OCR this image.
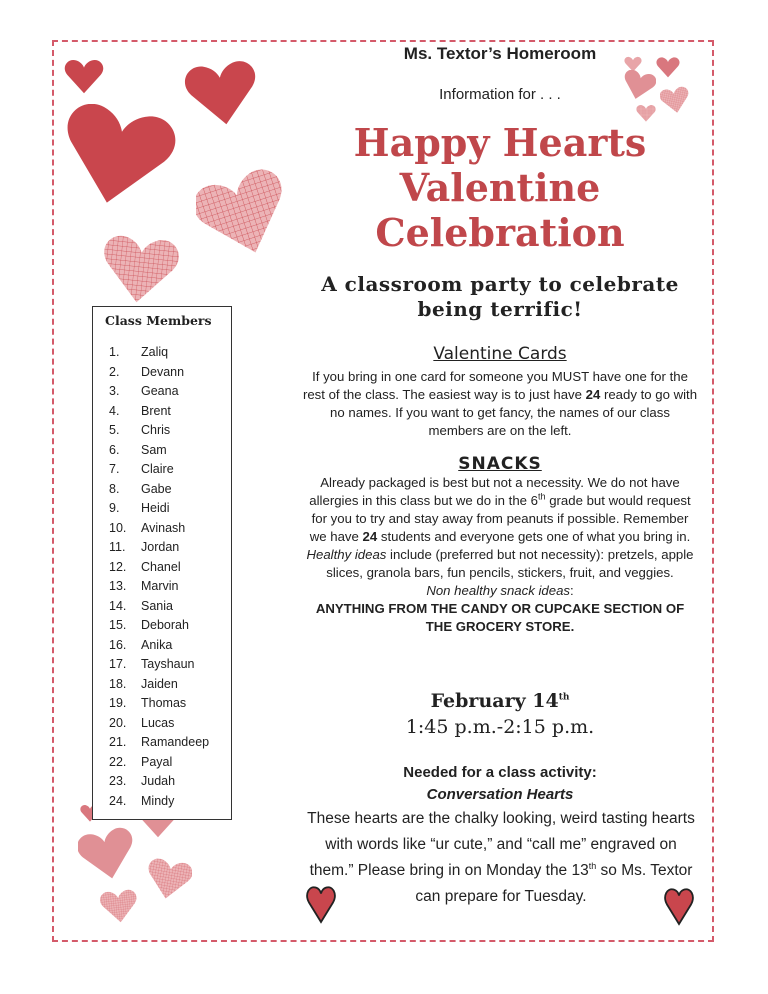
Ms. Textor’s Homeroom
Information for . . .
Happy Hearts
Valentine
Celebration
A classroom party to celebrate
being terrific!
Class Members
1. Zaliq
2. Devann
3. Geana
4. Brent
5. Chris
6. Sam
7. Claire
8. Gabe
9. Heidi
10. Avinash
11. Jordan
12. Chanel
13. Marvin
14. Sania
15. Deborah
16. Anika
17. Tayshaun
18. Jaiden
19. Thomas
20. Lucas
21. Ramandeep
22. Payal
23. Judah
24. Mindy
Valentine Cards
If you bring in one card for someone you MUST have one for the rest of the class. The easiest way is to just have 24 ready to go with no names. If you want to get fancy, the names of our class members are on the left.
SNACKS
Already packaged is best but not a necessity. We do not have allergies in this class but we do in the 6th grade but would request for you to try and stay away from peanuts if possible. Remember we have 24 students and everyone gets one of what you bring in.
Healthy ideas include (preferred but not necessity): pretzels, apple slices, granola bars, fun pencils, stickers, fruit, and veggies.
Non healthy snack ideas:
ANYTHING FROM THE CANDY OR CUPCAKE SECTION OF THE GROCERY STORE.
February 14th
1:45 p.m.-2:15 p.m.
Needed for a class activity:
Conversation Hearts
These hearts are the chalky looking, weird tasting hearts with words like “ur cute,” and “call me” engraved on them.” Please bring in on Monday the 13th so Ms. Textor can prepare for Tuesday.
